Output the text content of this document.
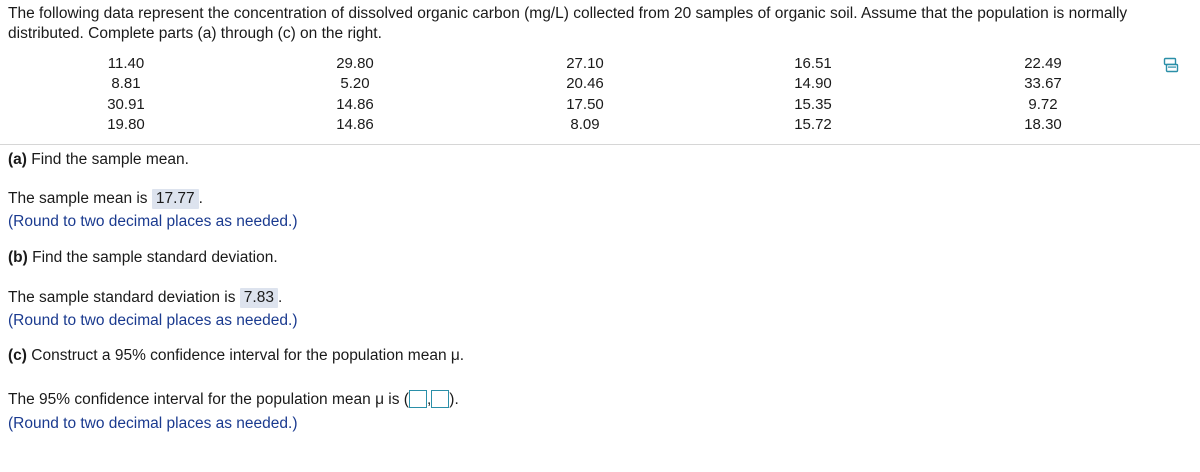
The following data represent the concentration of dissolved organic carbon (mg/L) collected from 20 samples of organic soil. Assume that the population is normally distributed. Complete parts (a) through (c) on the right.
11.40
8.81
30.91
19.80
29.80
5.20
14.86
14.86
27.10
20.46
17.50
8.09
16.51
14.90
15.35
15.72
22.49
33.67
9.72
18.30
(a) Find the sample mean.
The sample mean is 17.77 .
(Round to two decimal places as needed.)
(b) Find the sample standard deviation.
The sample standard deviation is 7.83 .
(Round to two decimal places as needed.)
(c) Construct a 95% confidence interval for the population mean μ.
The 95% confidence interval for the population mean μ is ( , ).
(Round to two decimal places as needed.)
